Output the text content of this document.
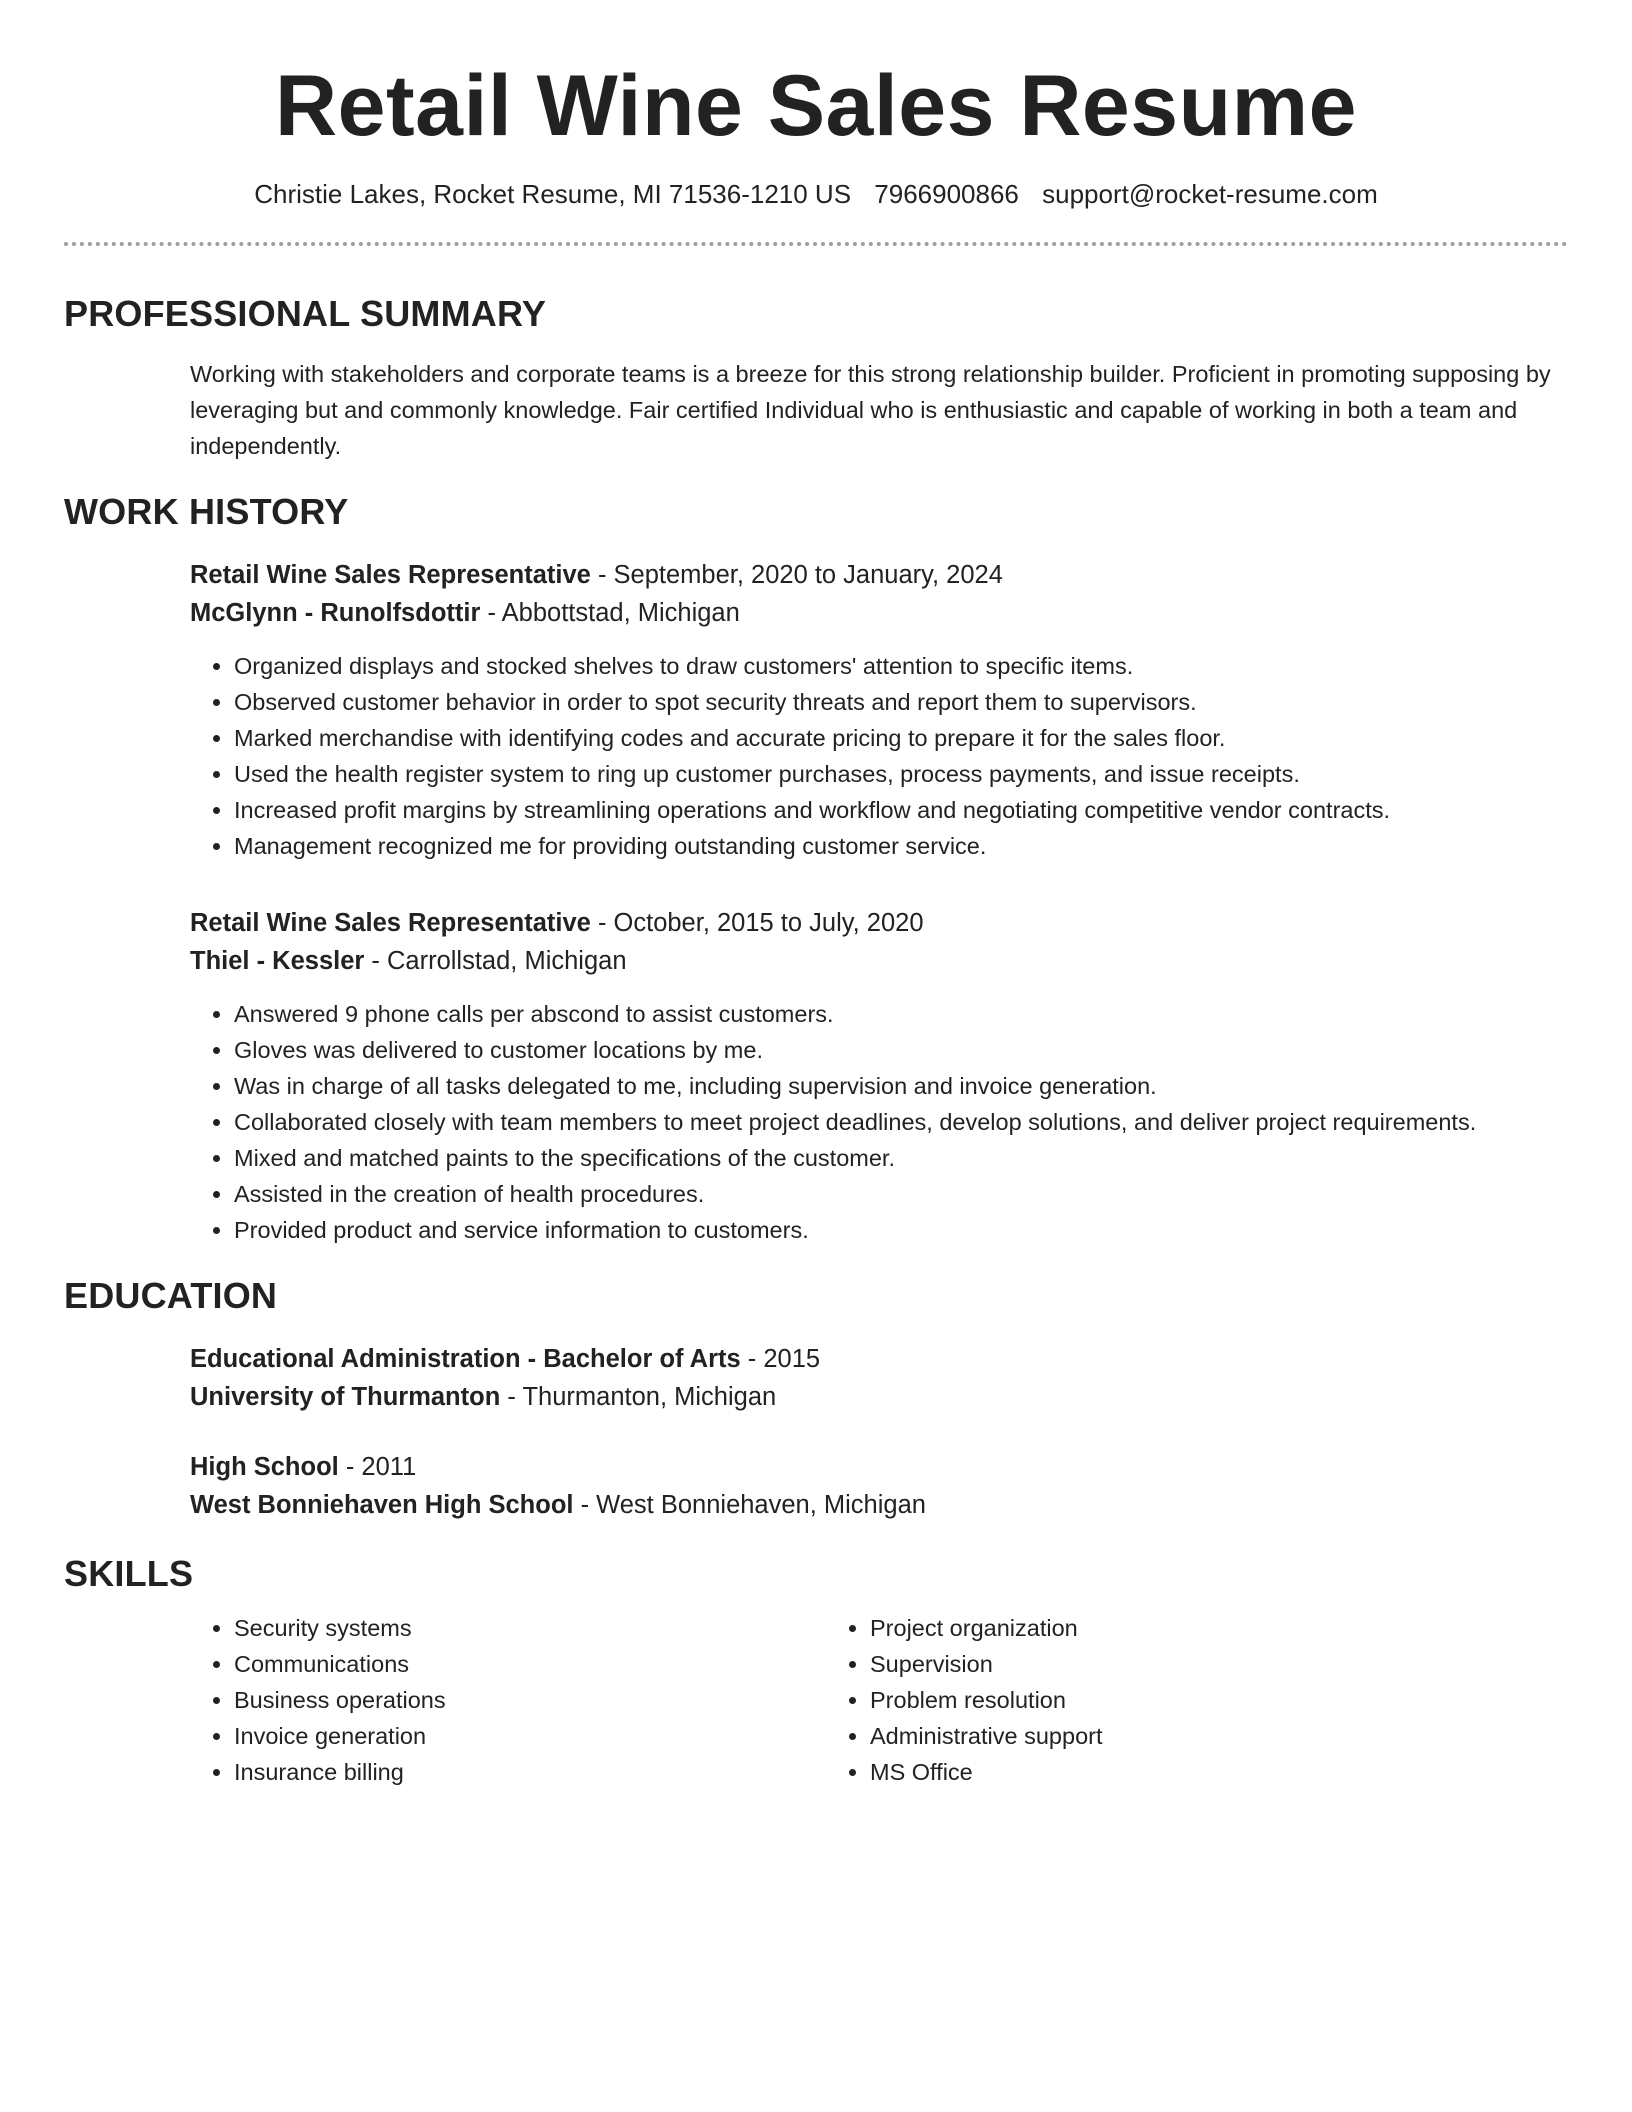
Retail Wine Sales Resume
Christie Lakes, Rocket Resume, MI 71536-1210 US 7966900866 support@rocket-resume.com
PROFESSIONAL SUMMARY
Working with stakeholders and corporate teams is a breeze for this strong relationship builder. Proficient in promoting supposing by leveraging but and commonly knowledge. Fair certified Individual who is enthusiastic and capable of working in both a team and independently.
WORK HISTORY
Retail Wine Sales Representative - September, 2020 to January, 2024
McGlynn - Runolfsdottir - Abbottstad, Michigan
• Organized displays and stocked shelves to draw customers' attention to specific items.
• Observed customer behavior in order to spot security threats and report them to supervisors.
• Marked merchandise with identifying codes and accurate pricing to prepare it for the sales floor.
• Used the health register system to ring up customer purchases, process payments, and issue receipts.
• Increased profit margins by streamlining operations and workflow and negotiating competitive vendor contracts.
• Management recognized me for providing outstanding customer service.
Retail Wine Sales Representative - October, 2015 to July, 2020
Thiel - Kessler - Carrollstad, Michigan
• Answered 9 phone calls per abscond to assist customers.
• Gloves was delivered to customer locations by me.
• Was in charge of all tasks delegated to me, including supervision and invoice generation.
• Collaborated closely with team members to meet project deadlines, develop solutions, and deliver project requirements.
• Mixed and matched paints to the specifications of the customer.
• Assisted in the creation of health procedures.
• Provided product and service information to customers.
EDUCATION
Educational Administration - Bachelor of Arts - 2015
University of Thurmanton - Thurmanton, Michigan
High School - 2011
West Bonniehaven High School - West Bonniehaven, Michigan
SKILLS
• Security systems
• Communications
• Business operations
• Invoice generation
• Insurance billing
• Project organization
• Supervision
• Problem resolution
• Administrative support
• MS Office
